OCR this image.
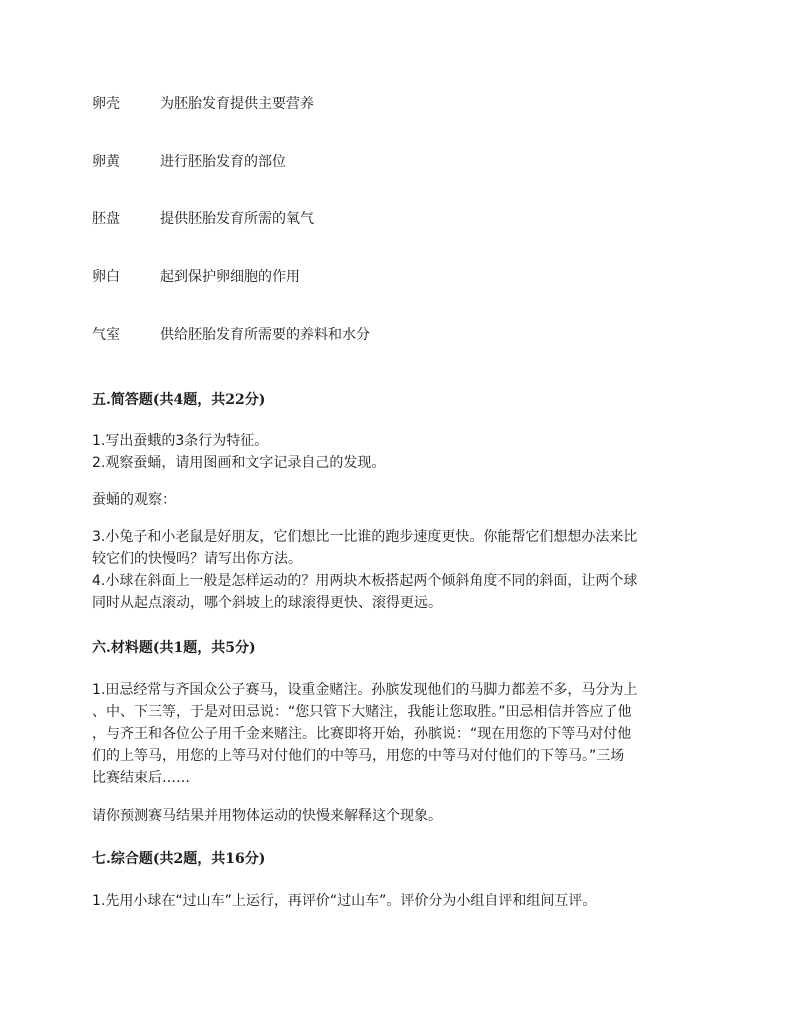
卵壳	为胚胎发育提供主要营养
卵黄	进行胚胎发育的部位
胚盘	提供胚胎发育所需的氧气
卵白	起到保护卵细胞的作用
气室	供给胚胎发育所需要的养料和水分
五.简答题(共4题，共22分)

1.写出蚕蛾的3条行为特征。
2.观察蚕蛹，请用图画和文字记录自己的发现。

蚕蛹的观察：

3.小兔子和小老鼠是好朋友，它们想比一比谁的跑步速度更快。你能帮它们想想办法来比
较它们的快慢吗？请写出你方法。
4.小球在斜面上一般是怎样运动的？用两块木板搭起两个倾斜角度不同的斜面，让两个球
同时从起点滚动，哪个斜坡上的球滚得更快、滚得更远。

六.材料题(共1题，共5分)

1.田忌经常与齐国众公子赛马，设重金赌注。孙膑发现他们的马脚力都差不多，马分为上
、中、下三等，于是对田忌说：“您只管下大赌注，我能让您取胜。”田忌相信并答应了他
，与齐王和各位公子用千金来赌注。比赛即将开始，孙膑说：“现在用您的下等马对付他
们的上等马，用您的上等马对付他们的中等马，用您的中等马对付他们的下等马。”三场
比赛结束后……

请你预测赛马结果并用物体运动的快慢来解释这个现象。

七.综合题(共2题，共16分)

1.先用小球在“过山车”上运行，再评价“过山车”。评价分为小组自评和组间互评。
